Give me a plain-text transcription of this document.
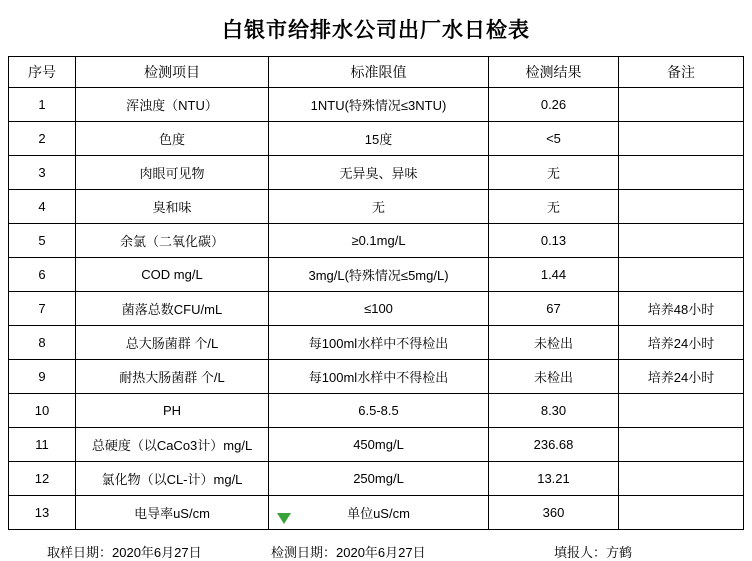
白银市给排水公司出厂水日检表
序号	检测项目	标准限值	检测结果	备注
1	浑浊度（NTU）	1NTU(特殊情况≤3NTU)	0.26	
2	色度	15度	<5	
3	肉眼可见物	无异臭、异味	无	
4	臭和味	无	无	
5	余氯（二氧化碳）	≥0.1mg/L	0.13	
6	COD mg/L	3mg/L(特殊情况≤5mg/L)	1.44	
7	菌落总数CFU/mL	≤100	67	培养48小时
8	总大肠菌群 个/L	每100ml水样中不得检出	未检出	培养24小时
9	耐热大肠菌群 个/L	每100ml水样中不得检出	未检出	培养24小时
10	PH	6.5-8.5	8.30	
11	总硬度（以CaCo3计）mg/L	450mg/L	236.68	
12	氯化物（以CL-计）mg/L	250mg/L	13.21	
13	电导率uS/cm	单位uS/cm	360	
取样日期：2020年6月27日	检测日期：2020年6月27日	填报人：方鹤
